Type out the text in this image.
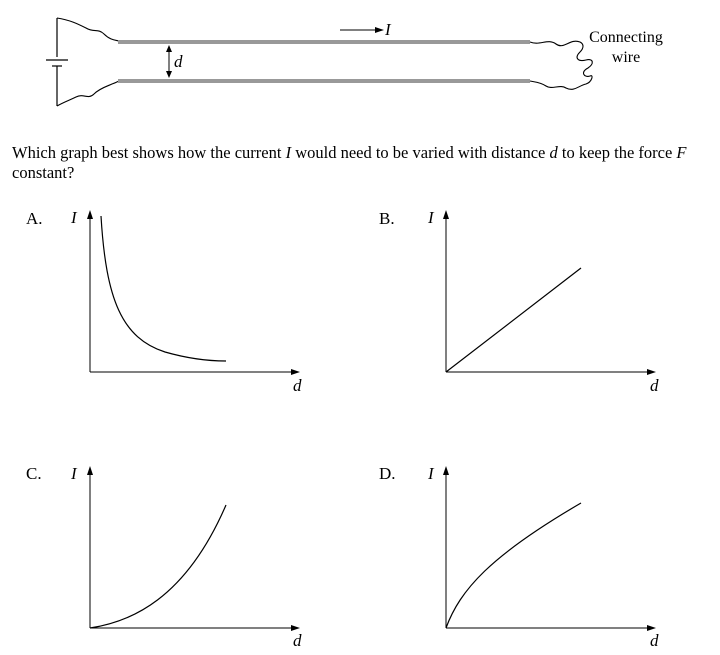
d
I	Connecting
wire
Which graph best shows how the current I would need to be varied with distance d to keep the force F constant?
A. I
d
B. I
d
C. I
d
D. I
d
